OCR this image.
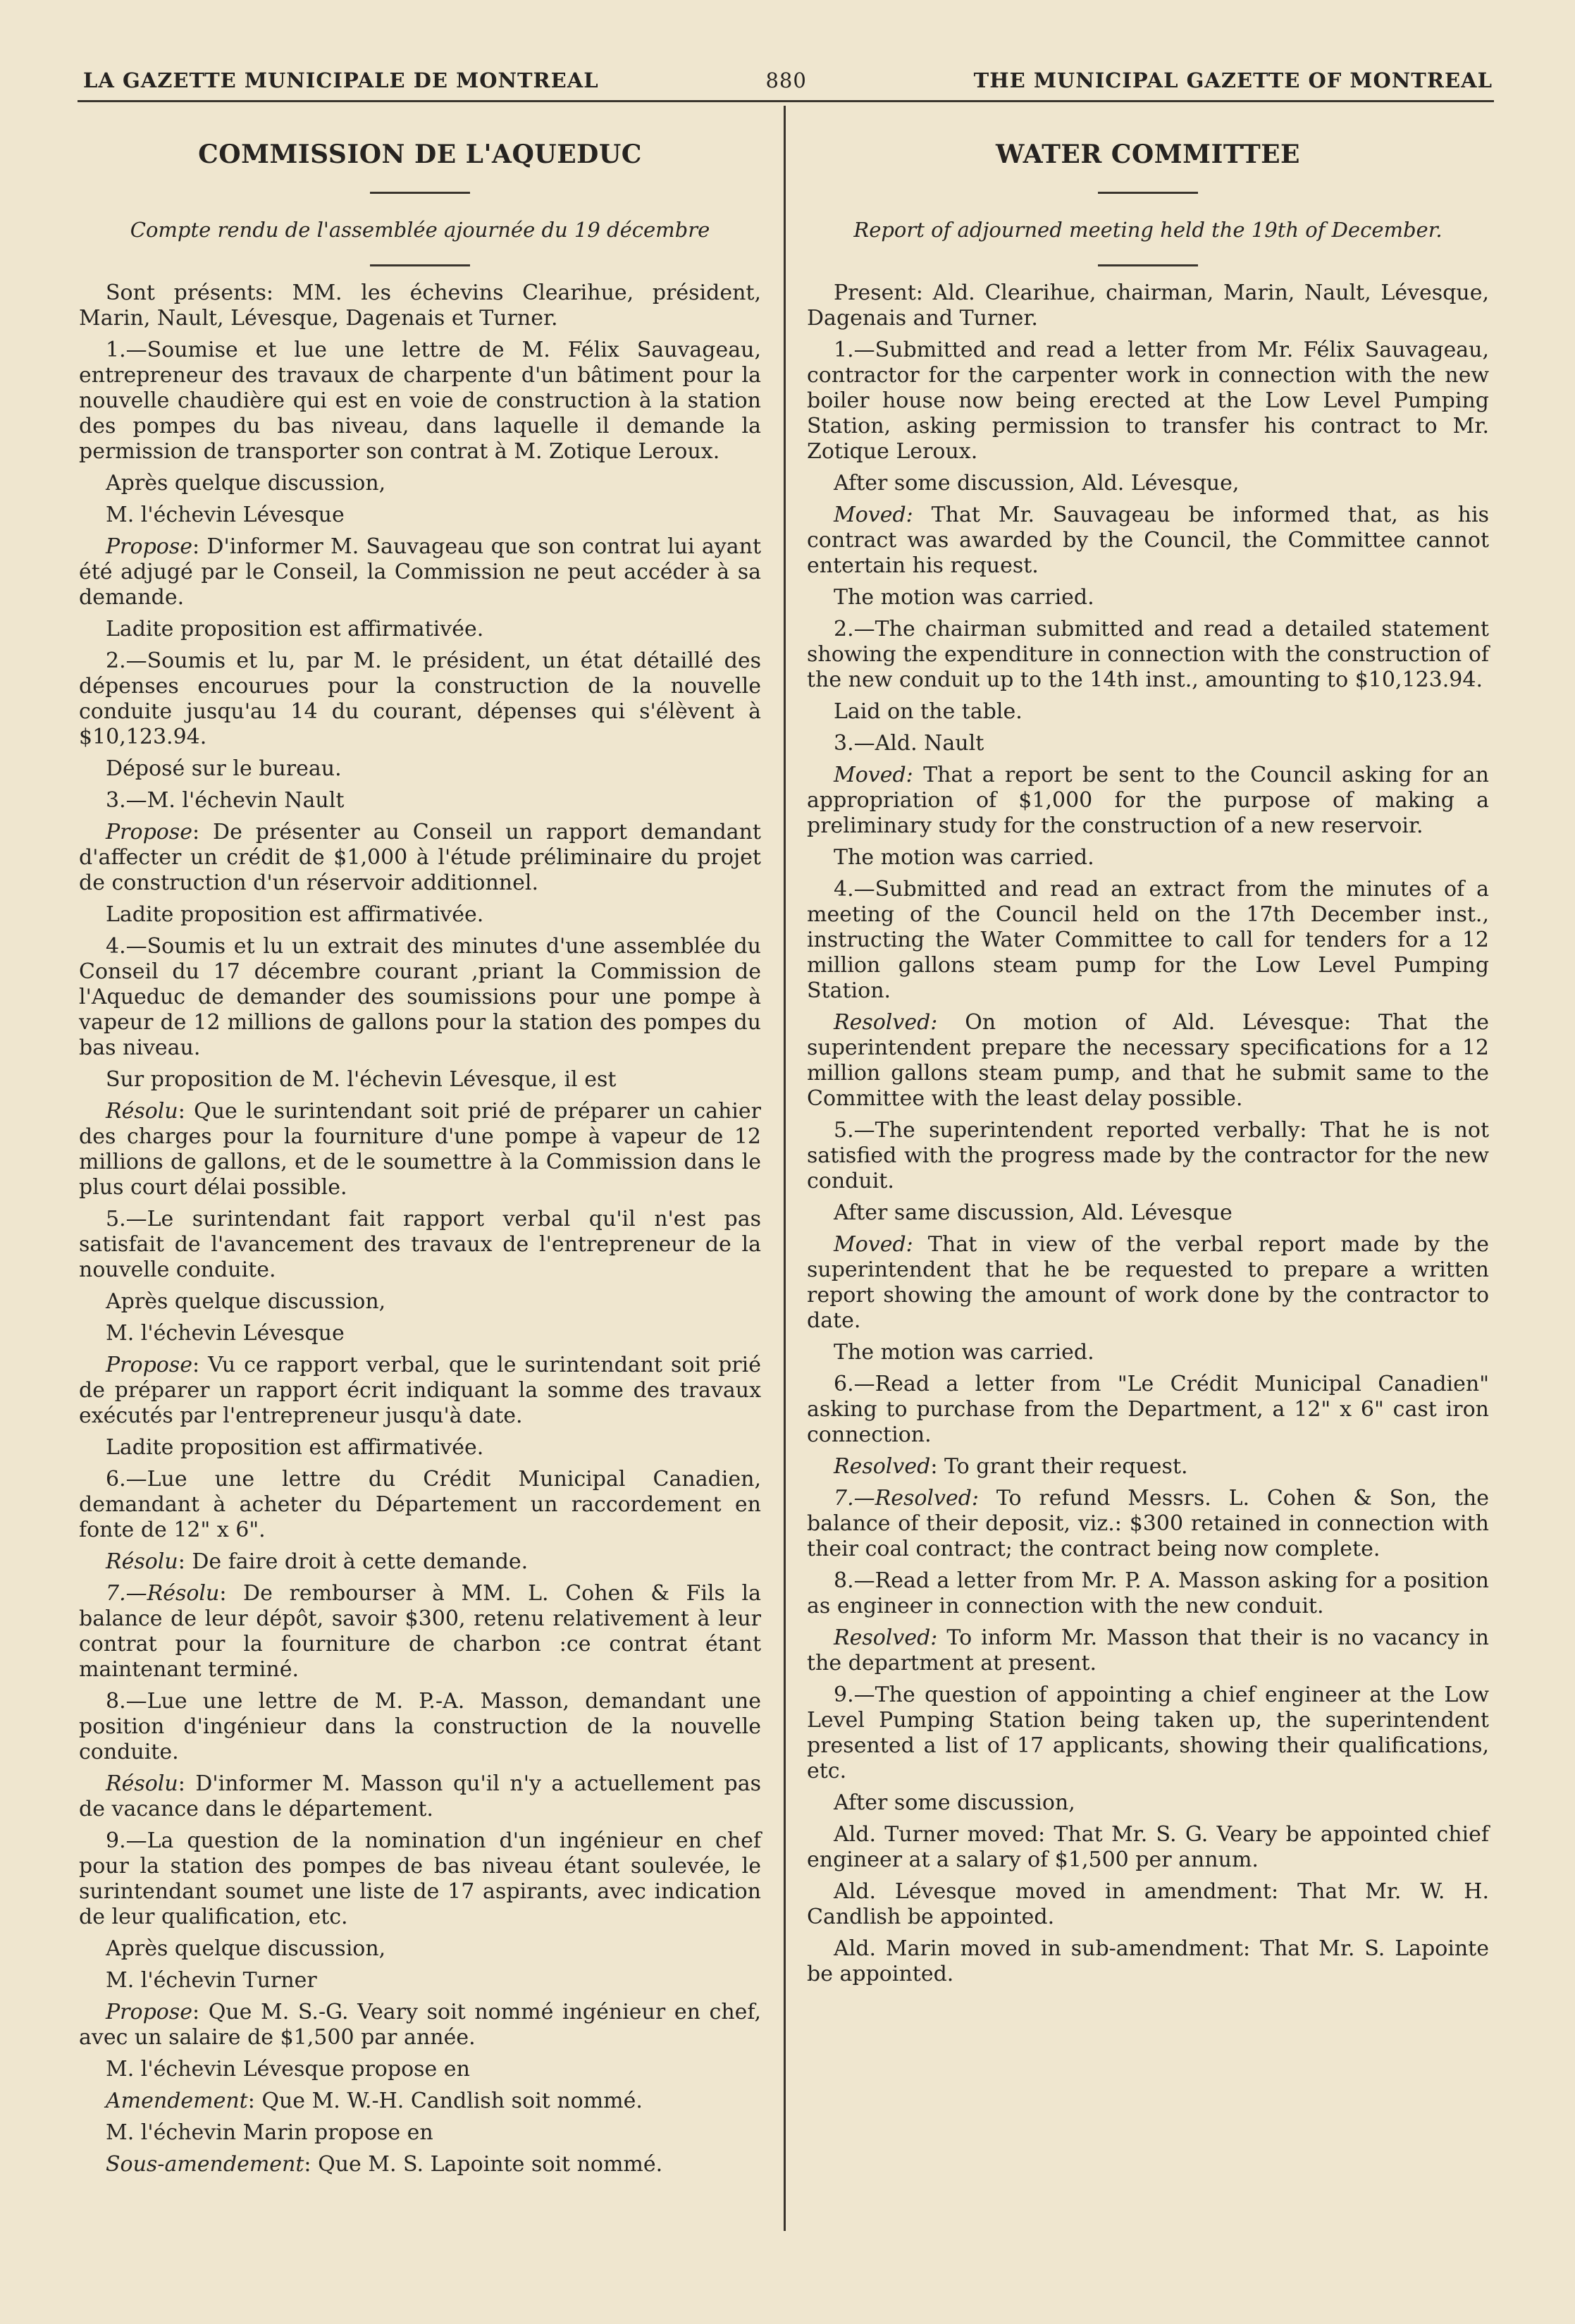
LA GAZETTE MUNICIPALE DE MONTREAL	880	THE MUNICIPAL GAZETTE OF MONTREAL
COMMISSION DE L'AQUEDUC
Compte rendu de l'assemblée ajournée du 19 décembre

Sont présents: MM. les échevins Clearihue, président, Marin, Nault, Lévesque, Dagenais et Turner.

1.—Soumise et lue une lettre de M. Félix Sauvageau, entrepreneur des travaux de charpente d'un bâtiment pour la nouvelle chaudière qui est en voie de construction à la station des pompes du bas niveau, dans laquelle il demande la permission de transporter son contrat à M. Zotique Leroux.

Après quelque discussion,

M. l'échevin Lévesque

Propose: D'informer M. Sauvageau que son contrat lui ayant été adjugé par le Conseil, la Commission ne peut accéder à sa demande.

Ladite proposition est affirmativée.

2.—Soumis et lu, par M. le président, un état détaillé des dépenses encourues pour la construction de la nouvelle conduite jusqu'au 14 du courant, dépenses qui s'élèvent à $10,123.94.

Déposé sur le bureau.

3.—M. l'échevin Nault

Propose: De présenter au Conseil un rapport demandant d'affecter un crédit de $1,000 à l'étude préliminaire du projet de construction d'un réservoir additionnel.

Ladite proposition est affirmativée.

4.—Soumis et lu un extrait des minutes d'une assemblée du Conseil du 17 décembre courant ,priant la Commission de l'Aqueduc de demander des soumissions pour une pompe à vapeur de 12 millions de gallons pour la station des pompes du bas niveau.

Sur proposition de M. l'échevin Lévesque, il est

Résolu: Que le surintendant soit prié de préparer un cahier des charges pour la fourniture d'une pompe à vapeur de 12 millions de gallons, et de le soumettre à la Commission dans le plus court délai possible.

5.—Le surintendant fait rapport verbal qu'il n'est pas satisfait de l'avancement des travaux de l'entrepreneur de la nouvelle conduite.

Après quelque discussion,

M. l'échevin Lévesque

Propose: Vu ce rapport verbal, que le surintendant soit prié de préparer un rapport écrit indiquant la somme des travaux exécutés par l'entrepreneur jusqu'à date.

Ladite proposition est affirmativée.

6.—Lue une lettre du Crédit Municipal Canadien, demandant à acheter du Département un raccordement en fonte de 12" x 6".

Résolu: De faire droit à cette demande.

7.—Résolu: De rembourser à MM. L. Cohen & Fils la balance de leur dépôt, savoir $300, retenu relativement à leur contrat pour la fourniture de charbon :ce contrat étant maintenant terminé.

8.—Lue une lettre de M. P.-A. Masson, demandant une position d'ingénieur dans la construction de la nouvelle conduite.

Résolu: D'informer M. Masson qu'il n'y a actuellement pas de vacance dans le département.

9.—La question de la nomination d'un ingénieur en chef pour la station des pompes de bas niveau étant soulevée, le surintendant soumet une liste de 17 aspirants, avec indication de leur qualification, etc.

Après quelque discussion,

M. l'échevin Turner

Propose: Que M. S.-G. Veary soit nommé ingénieur en chef, avec un salaire de $1,500 par année.

M. l'échevin Lévesque propose en

Amendement: Que M. W.-H. Candlish soit nommé.

M. l'échevin Marin propose en

Sous-amendement: Que M. S. Lapointe soit nommé.

WATER COMMITTEE
Report of adjourned meeting held the 19th of December.

Present: Ald. Clearihue, chairman, Marin, Nault, Lévesque, Dagenais and Turner.

1.—Submitted and read a letter from Mr. Félix Sauvageau, contractor for the carpenter work in connection with the new boiler house now being erected at the Low Level Pumping Station, asking permission to transfer his contract to Mr. Zotique Leroux.

After some discussion, Ald. Lévesque,

Moved: That Mr. Sauvageau be informed that, as his contract was awarded by the Council, the Committee cannot entertain his request.

The motion was carried.

2.—The chairman submitted and read a detailed statement showing the expenditure in connection with the construction of the new conduit up to the 14th inst., amounting to $10,123.94.

Laid on the table.

3.—Ald. Nault

Moved: That a report be sent to the Council asking for an appropriation of $1,000 for the purpose of making a preliminary study for the construction of a new reservoir.

The motion was carried.

4.—Submitted and read an extract from the minutes of a meeting of the Council held on the 17th December inst., instructing the Water Committee to call for tenders for a 12 million gallons steam pump for the Low Level Pumping Station.

Resolved: On motion of Ald. Lévesque: That the superintendent prepare the necessary specifications for a 12 million gallons steam pump, and that he submit same to the Committee with the least delay possible.

5.—The superintendent reported verbally: That he is not satisfied with the progress made by the contractor for the new conduit.

After same discussion, Ald. Lévesque

Moved: That in view of the verbal report made by the superintendent that he be requested to prepare a written report showing the amount of work done by the contractor to date.

The motion was carried.

6.—Read a letter from "Le Crédit Municipal Canadien" asking to purchase from the Department, a 12" x 6" cast iron connection.

Resolved: To grant their request.

7.—Resolved: To refund Messrs. L. Cohen & Son, the balance of their deposit, viz.: $300 retained in connection with their coal contract; the contract being now complete.

8.—Read a letter from Mr. P. A. Masson asking for a position as engineer in connection with the new conduit.

Resolved: To inform Mr. Masson that their is no vacancy in the department at present.

9.—The question of appointing a chief engineer at the Low Level Pumping Station being taken up, the superintendent presented a list of 17 applicants, showing their qualifications, etc.

After some discussion,

Ald. Turner moved: That Mr. S. G. Veary be appointed chief engineer at a salary of $1,500 per annum.

Ald. Lévesque moved in amendment: That Mr. W. H. Candlish be appointed.

Ald. Marin moved in sub-amendment: That Mr. S. Lapointe be appointed.
